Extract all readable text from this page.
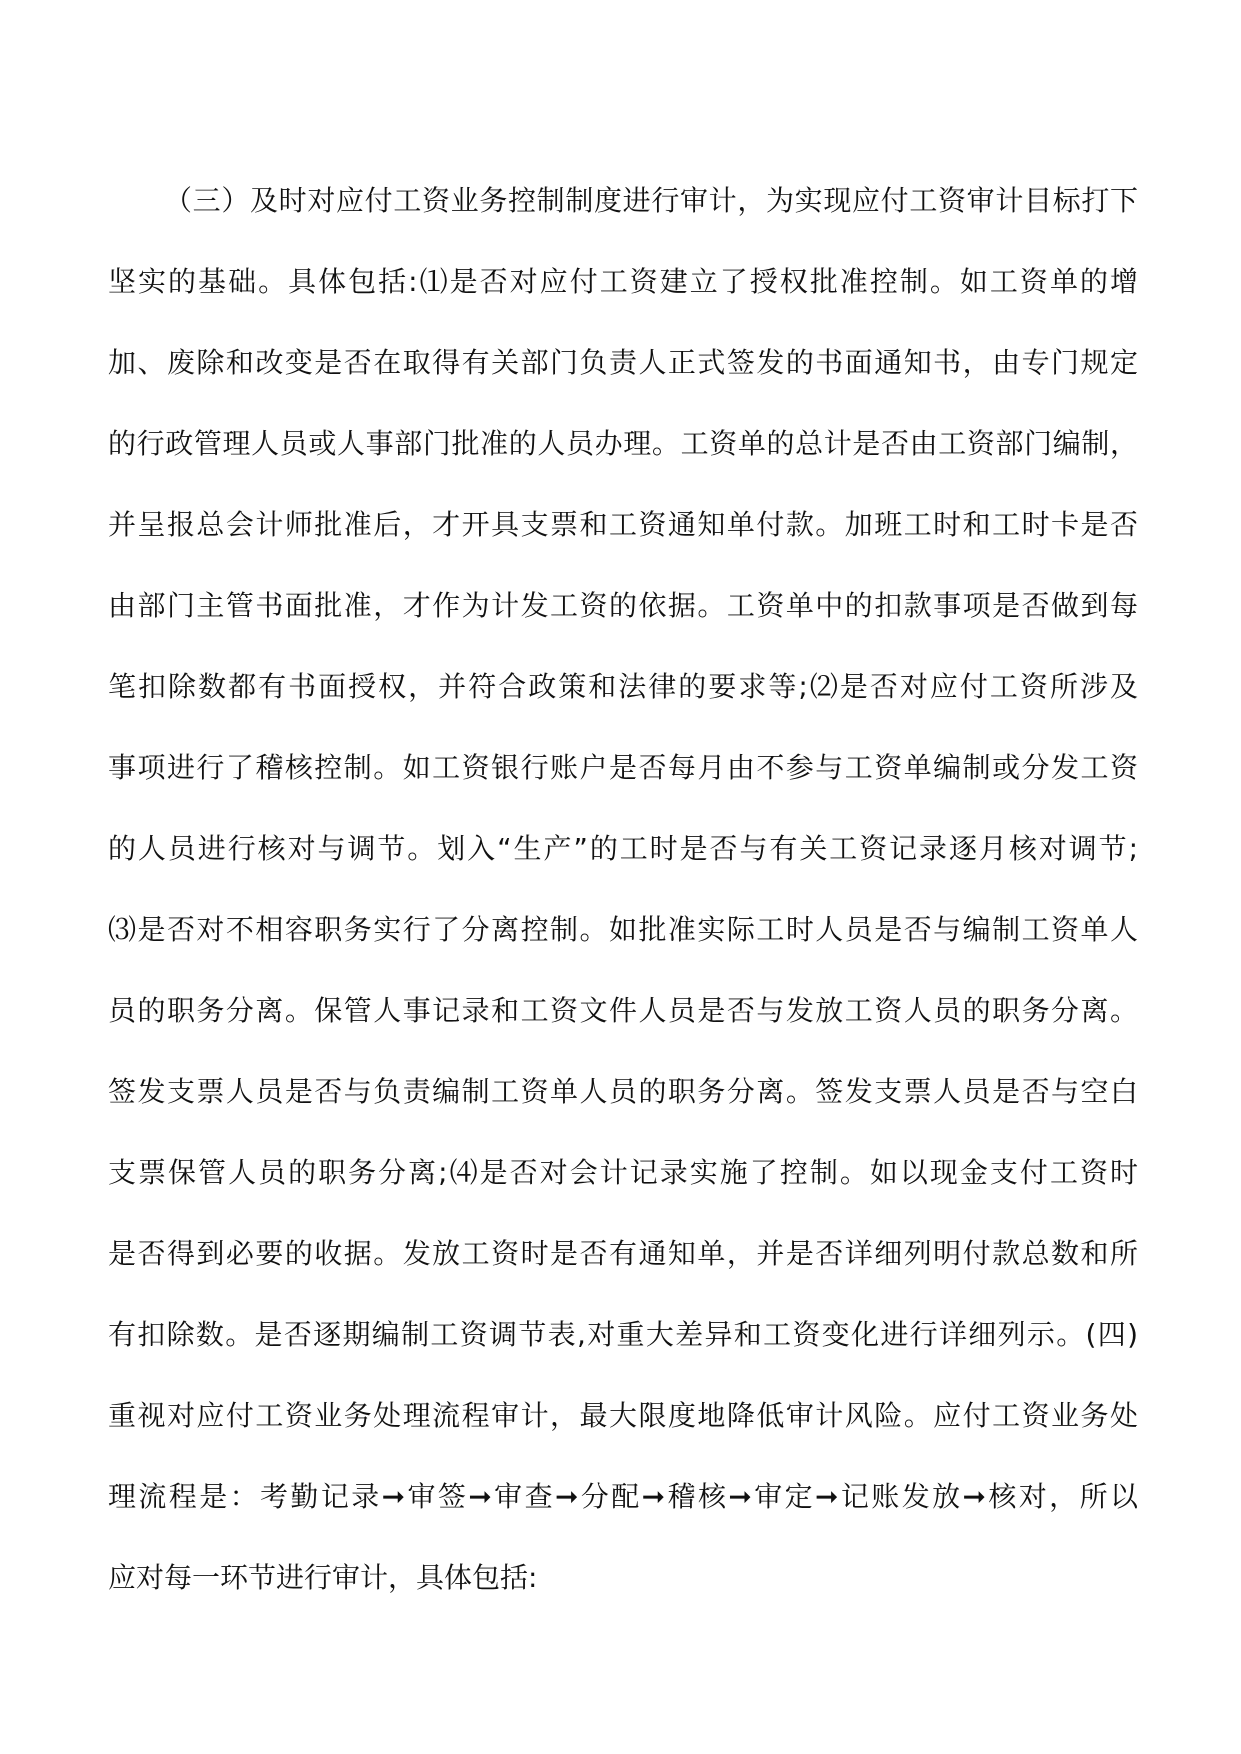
（三）及时对应付工资业务控制制度进行审计，为实现应付工资审计目标打下
坚实的基础。具体包括:⑴是否对应付工资建立了授权批准控制。如工资单的增
加、废除和改变是否在取得有关部门负责人正式签发的书面通知书，由专门规定
的行政管理人员或人事部门批准的人员办理。工资单的总计是否由工资部门编制，
并呈报总会计师批准后，才开具支票和工资通知单付款。加班工时和工时卡是否
由部门主管书面批准，才作为计发工资的依据。工资单中的扣款事项是否做到每
笔扣除数都有书面授权，并符合政策和法律的要求等;⑵是否对应付工资所涉及
事项进行了稽核控制。如工资银行账户是否每月由不参与工资单编制或分发工资
的人员进行核对与调节。划入“生产”的工时是否与有关工资记录逐月核对调节;
⑶是否对不相容职务实行了分离控制。如批准实际工时人员是否与编制工资单人
员的职务分离。保管人事记录和工资文件人员是否与发放工资人员的职务分离。
签发支票人员是否与负责编制工资单人员的职务分离。签发支票人员是否与空白
支票保管人员的职务分离;⑷是否对会计记录实施了控制。如以现金支付工资时
是否得到必要的收据。发放工资时是否有通知单，并是否详细列明付款总数和所
有扣除数。是否逐期编制工资调节表,对重大差异和工资变化进行详细列示。(四)
重视对应付工资业务处理流程审计，最大限度地降低审计风险。应付工资业务处
理流程是：考勤记录➞审签➞审查➞分配➞稽核➞审定➞记账发放➞核对，所以
应对每一环节进行审计，具体包括:
